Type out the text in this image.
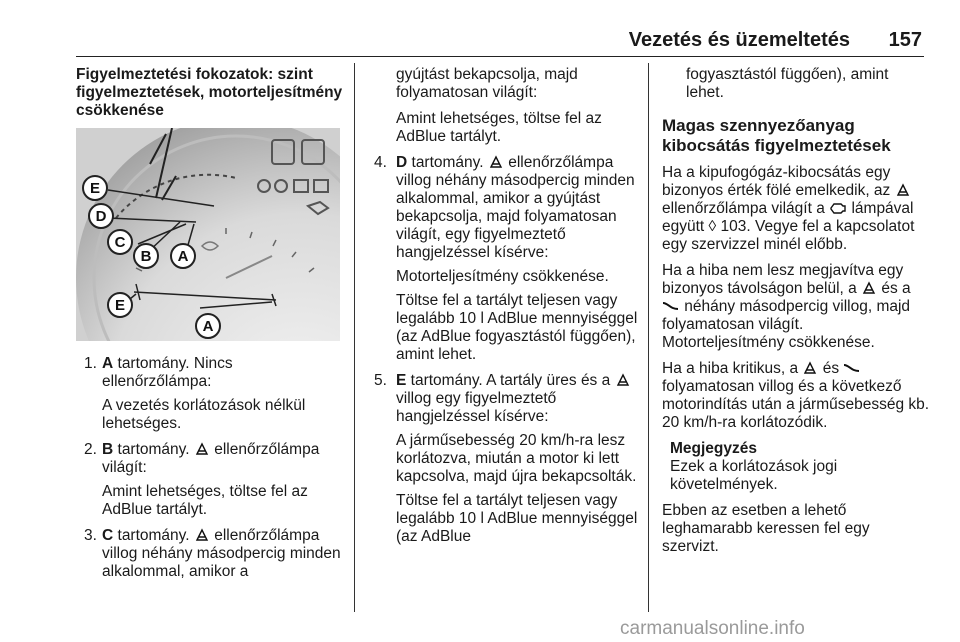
Vezetés és üzemeltetés 157

Figyelmeztetési fokozatok: szint figyelmeztetések, motorteljesítmény csökkenése

E
D
C
B A
E
A
1. A tartomány. Nincs ellenőrzőlámpa:
A vezetés korlátozások nélkül lehetséges.
2. B tartomány.  ellenőrzőlámpa világít:
Amint lehetséges, töltse fel az AdBlue tartályt.
3. C tartomány.  ellenőrzőlámpa villog néhány másodpercig minden alkalommal, amikor a

gyújtást bekapcsolja, majd folyamatosan világít:

Amint lehetséges, töltse fel az AdBlue tartályt.

4. D tartomány.  ellenőrzőlámpa villog néhány másodpercig minden alkalommal, amikor a gyújtást bekapcsolja, majd folyamatosan világít, egy figyelmeztető hangjelzéssel kísérve:
Motorteljesítmény csökkenése.
Töltse fel a tartályt teljesen vagy legalább 10 l AdBlue mennyiséggel (az AdBlue fogyasztástól függően), amint lehet.
5. E tartomány. A tartály üres és a  villog egy figyelmeztető hangjelzéssel kísérve:
A járműsebesség 20 km/h-ra lesz korlátozva, miután a motor ki lett kapcsolva, majd újra bekapcsolták.
Töltse fel a tartályt teljesen vagy legalább 10 l AdBlue mennyiséggel (az AdBlue

fogyasztástól függően), amint lehet.

Magas szennyezőanyag kibocsátás figyelmeztetések

Ha a kipufogógáz-kibocsátás egy bizonyos érték fölé emelkedik, az  ellenőrzőlámpa világít a  lámpával együtt ◊ 103. Vegye fel a kapcsolatot egy szervizzel minél előbb.

Ha a hiba nem lesz megjavítva egy bizonyos távolságon belül, a  és a  néhány másodpercig villog, majd folyamatosan világít.
Motorteljesítmény csökkenése.

Ha a hiba kritikus, a  és  folyamatosan villog és a következő motorindítás után a járműsebesség kb. 20 km/h-ra korlátozódik.

Megjegyzés
Ezek a korlátozások jogi követelmények.

Ebben az esetben a lehető leghamarabb keressen fel egy szervizt.

carmanualsonline.info
